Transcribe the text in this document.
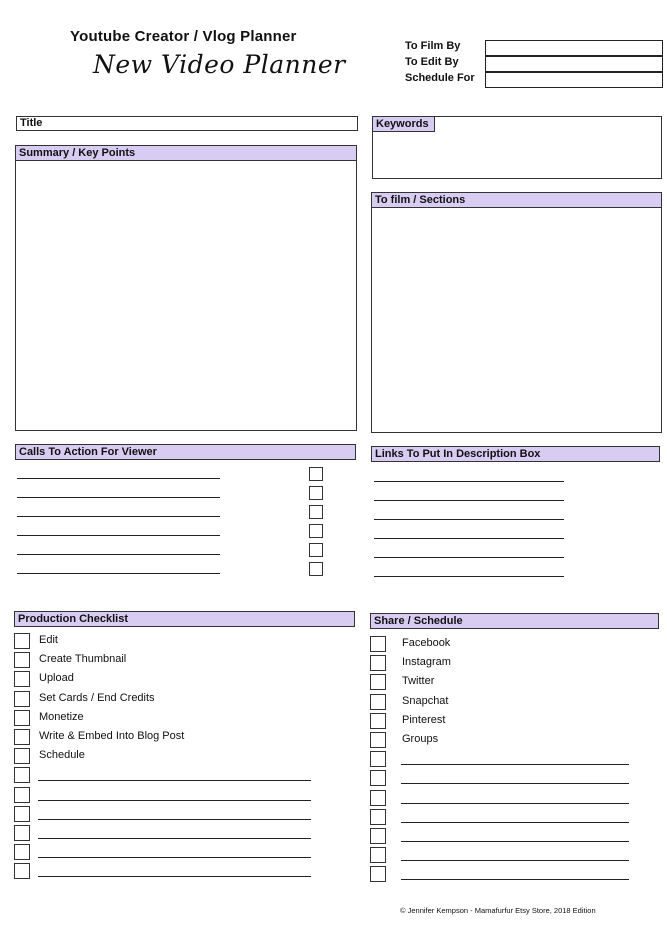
Youtube Creator / Vlog Planner
New Video Planner
To Film By
To Edit By
Schedule For
Title	Keywords
Summary / Key Points
To film / Sections
Calls To Action For Viewer	Links To Put In Description Box
Production Checklist
Edit
Create Thumbnail
Upload
Set Cards / End Credits
Monetize
Write & Embed Into Blog Post
Schedule
Share / Schedule
Facebook
Instagram
Twitter
Snapchat
Pinterest
Groups
© Jennifer Kempson - Mamafurfur Etsy Store, 2018 Edition
